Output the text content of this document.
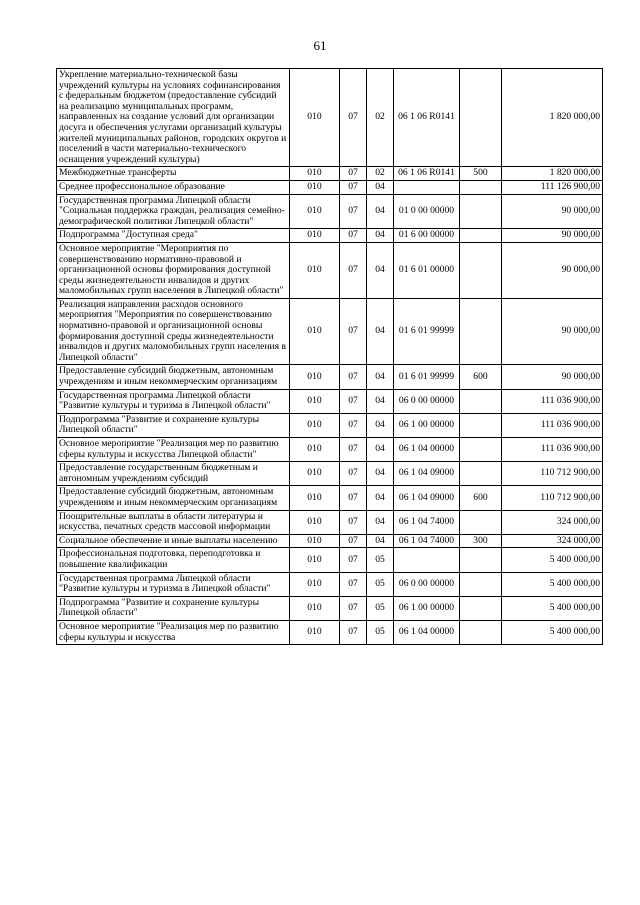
61
Укрепление материально-технической базы учреждений культуры на условиях софинансирования с федеральным бюджетом (предоставление субсидий на реализацию муниципальных программ, направленных на создание условий для организации досуга и обеспечения услугами организаций культуры жителей муниципальных районов, городских округов и поселений в части материально-технического оснащения учреждений культуры)	010	07	02	06 1 06 R0141		1 820 000,00
Межбюджетные трансферты	010	07	02	06 1 06 R0141	500	1 820 000,00
Среднее профессиональное образование	010	07	04			111 126 900,00
Государственная программа Липецкой области "Социальная поддержка граждан, реализация семейно-демографической политики Липецкой области"	010	07	04	01 0 00 00000		90 000,00
Подпрограмма "Доступная среда"	010	07	04	01 6 00 00000		90 000,00
Основное мероприятие "Мероприятия по совершенствованию нормативно-правовой и организационной основы формирования доступной среды жизнедеятельности инвалидов и других маломобильных групп населения в Липецкой области"	010	07	04	01 6 01 00000		90 000,00
Реализация направления расходов основного мероприятия "Мероприятия по совершенствованию нормативно-правовой и организационной основы формирования доступной среды жизнедеятельности инвалидов и других маломобильных групп населения в Липецкой области"	010	07	04	01 6 01 99999		90 000,00
Предоставление субсидий бюджетным, автономным учреждениям и иным некоммерческим организациям	010	07	04	01 6 01 99999	600	90 000,00
Государственная программа Липецкой области "Развитие культуры и туризма в Липецкой области"	010	07	04	06 0 00 00000		111 036 900,00
Подпрограмма "Развитие и сохранение культуры Липецкой области"	010	07	04	06 1 00 00000		111 036 900,00
Основное мероприятие "Реализация мер по развитию сферы культуры и искусства Липецкой области"	010	07	04	06 1 04 00000		111 036 900,00
Предоставление государственным бюджетным и автономным учреждениям субсидий	010	07	04	06 1 04 09000		110 712 900,00
Предоставление субсидий бюджетным, автономным учреждениям и иным некоммерческим организациям	010	07	04	06 1 04 09000	600	110 712 900,00
Поощрительные выплаты в области литературы и искусства, печатных средств массовой информации	010	07	04	06 1 04 74000		324 000,00
Социальное обеспечение и иные выплаты населению	010	07	04	06 1 04 74000	300	324 000,00
Профессиональная подготовка, переподготовка и повышение квалификации	010	07	05			5 400 000,00
Государственная программа Липецкой области "Развитие культуры и туризма в Липецкой области"	010	07	05	06 0 00 00000		5 400 000,00
Подпрограмма "Развитие и сохранение культуры Липецкой области"	010	07	05	06 1 00 00000		5 400 000,00
Основное мероприятие "Реализация мер по развитию сферы культуры и искусства	010	07	05	06 1 04 00000		5 400 000,00
